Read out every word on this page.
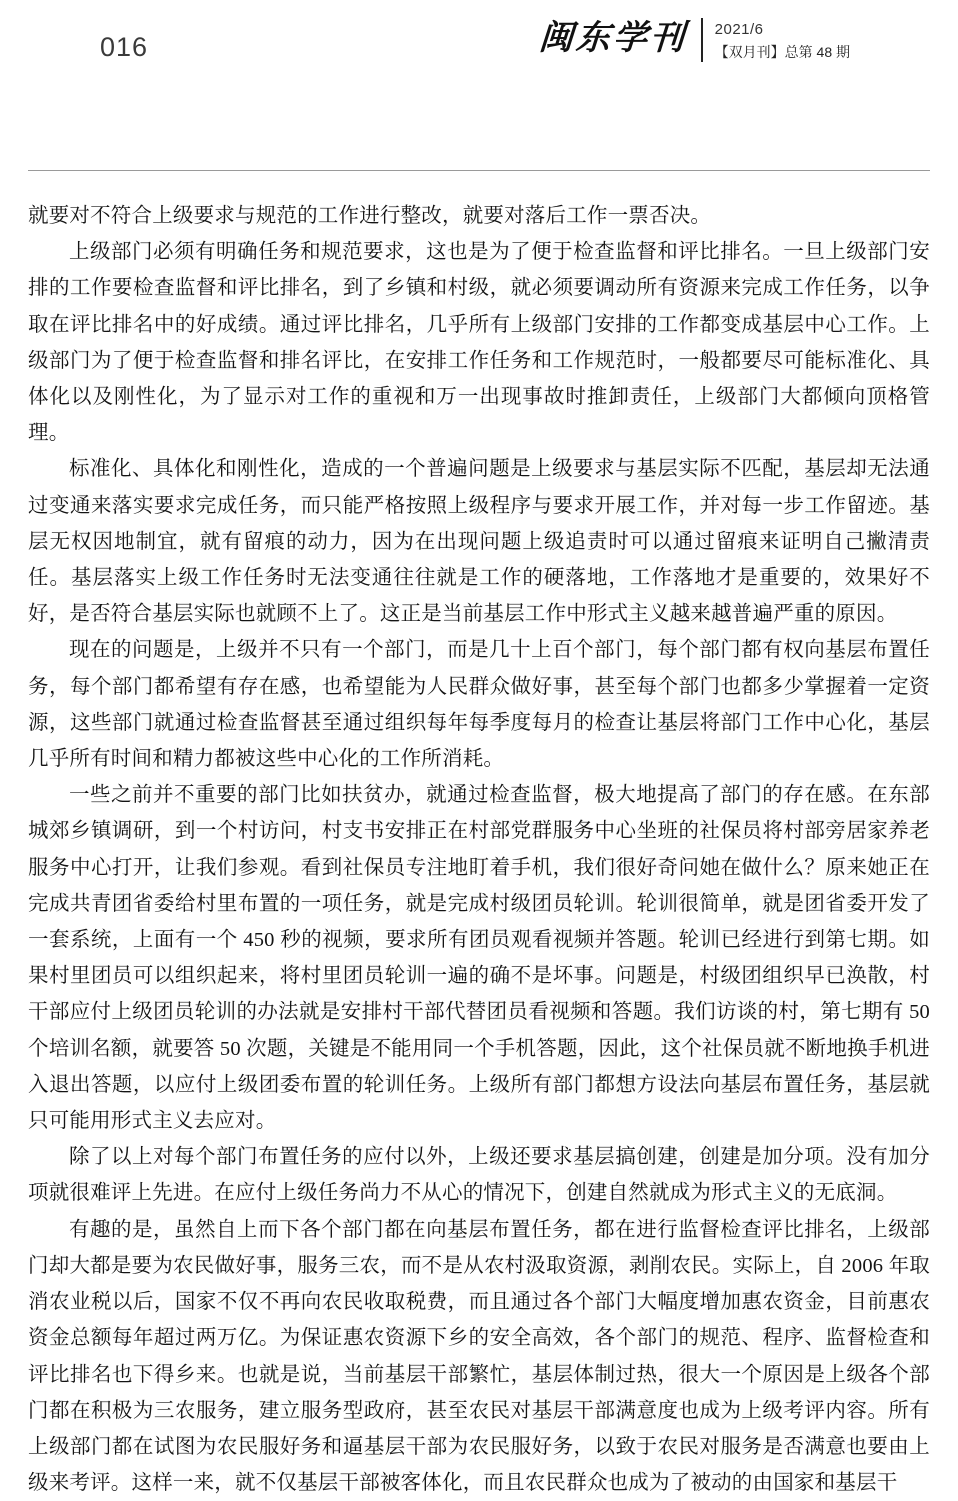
016	闽东学刊	2021/6
【双月刊】总第 48 期

就要对不符合上级要求与规范的工作进行整改，就要对落后工作一票否决。

上级部门必须有明确任务和规范要求，这也是为了便于检查监督和评比排名。一旦上级部门安排的工作要检查监督和评比排名，到了乡镇和村级，就必须要调动所有资源来完成工作任务，以争取在评比排名中的好成绩。通过评比排名，几乎所有上级部门安排的工作都变成基层中心工作。上级部门为了便于检查监督和排名评比，在安排工作任务和工作规范时，一般都要尽可能标准化、具体化以及刚性化，为了显示对工作的重视和万一出现事故时推卸责任，上级部门大都倾向顶格管理。

标准化、具体化和刚性化，造成的一个普遍问题是上级要求与基层实际不匹配，基层却无法通过变通来落实要求完成任务，而只能严格按照上级程序与要求开展工作，并对每一步工作留迹。基层无权因地制宜，就有留痕的动力，因为在出现问题上级追责时可以通过留痕来证明自己撇清责任。基层落实上级工作任务时无法变通往往就是工作的硬落地，工作落地才是重要的，效果好不好，是否符合基层实际也就顾不上了。这正是当前基层工作中形式主义越来越普遍严重的原因。

现在的问题是，上级并不只有一个部门，而是几十上百个部门，每个部门都有权向基层布置任务，每个部门都希望有存在感，也希望能为人民群众做好事，甚至每个部门也都多少掌握着一定资源，这些部门就通过检查监督甚至通过组织每年每季度每月的检查让基层将部门工作中心化，基层几乎所有时间和精力都被这些中心化的工作所消耗。

一些之前并不重要的部门比如扶贫办，就通过检查监督，极大地提高了部门的存在感。在东部城郊乡镇调研，到一个村访问，村支书安排正在村部党群服务中心坐班的社保员将村部旁居家养老服务中心打开，让我们参观。看到社保员专注地盯着手机，我们很好奇问她在做什么？原来她正在完成共青团省委给村里布置的一项任务，就是完成村级团员轮训。轮训很简单，就是团省委开发了一套系统，上面有一个 450 秒的视频，要求所有团员观看视频并答题。轮训已经进行到第七期。如果村里团员可以组织起来，将村里团员轮训一遍的确不是坏事。问题是，村级团组织早已涣散，村干部应付上级团员轮训的办法就是安排村干部代替团员看视频和答题。我们访谈的村，第七期有 50 个培训名额，就要答 50 次题，关键是不能用同一个手机答题，因此，这个社保员就不断地换手机进入退出答题，以应付上级团委布置的轮训任务。上级所有部门都想方设法向基层布置任务，基层就只可能用形式主义去应对。

除了以上对每个部门布置任务的应付以外，上级还要求基层搞创建，创建是加分项。没有加分项就很难评上先进。在应付上级任务尚力不从心的情况下，创建自然就成为形式主义的无底洞。

有趣的是，虽然自上而下各个部门都在向基层布置任务，都在进行监督检查评比排名，上级部门却大都是要为农民做好事，服务三农，而不是从农村汲取资源，剥削农民。实际上，自 2006 年取消农业税以后，国家不仅不再向农民收取税费，而且通过各个部门大幅度增加惠农资金，目前惠农资金总额每年超过两万亿。为保证惠农资源下乡的安全高效，各个部门的规范、程序、监督检查和评比排名也下得乡来。也就是说，当前基层干部繁忙，基层体制过热，很大一个原因是上级各个部门都在积极为三农服务，建立服务型政府，甚至农民对基层干部满意度也成为上级考评内容。所有上级部门都在试图为农民服好务和逼基层干部为农民服好务，以致于农民对服务是否满意也要由上级来考评。这样一来，就不仅基层干部被客体化，而且农民群众也成为了被动的由国家和基层干
